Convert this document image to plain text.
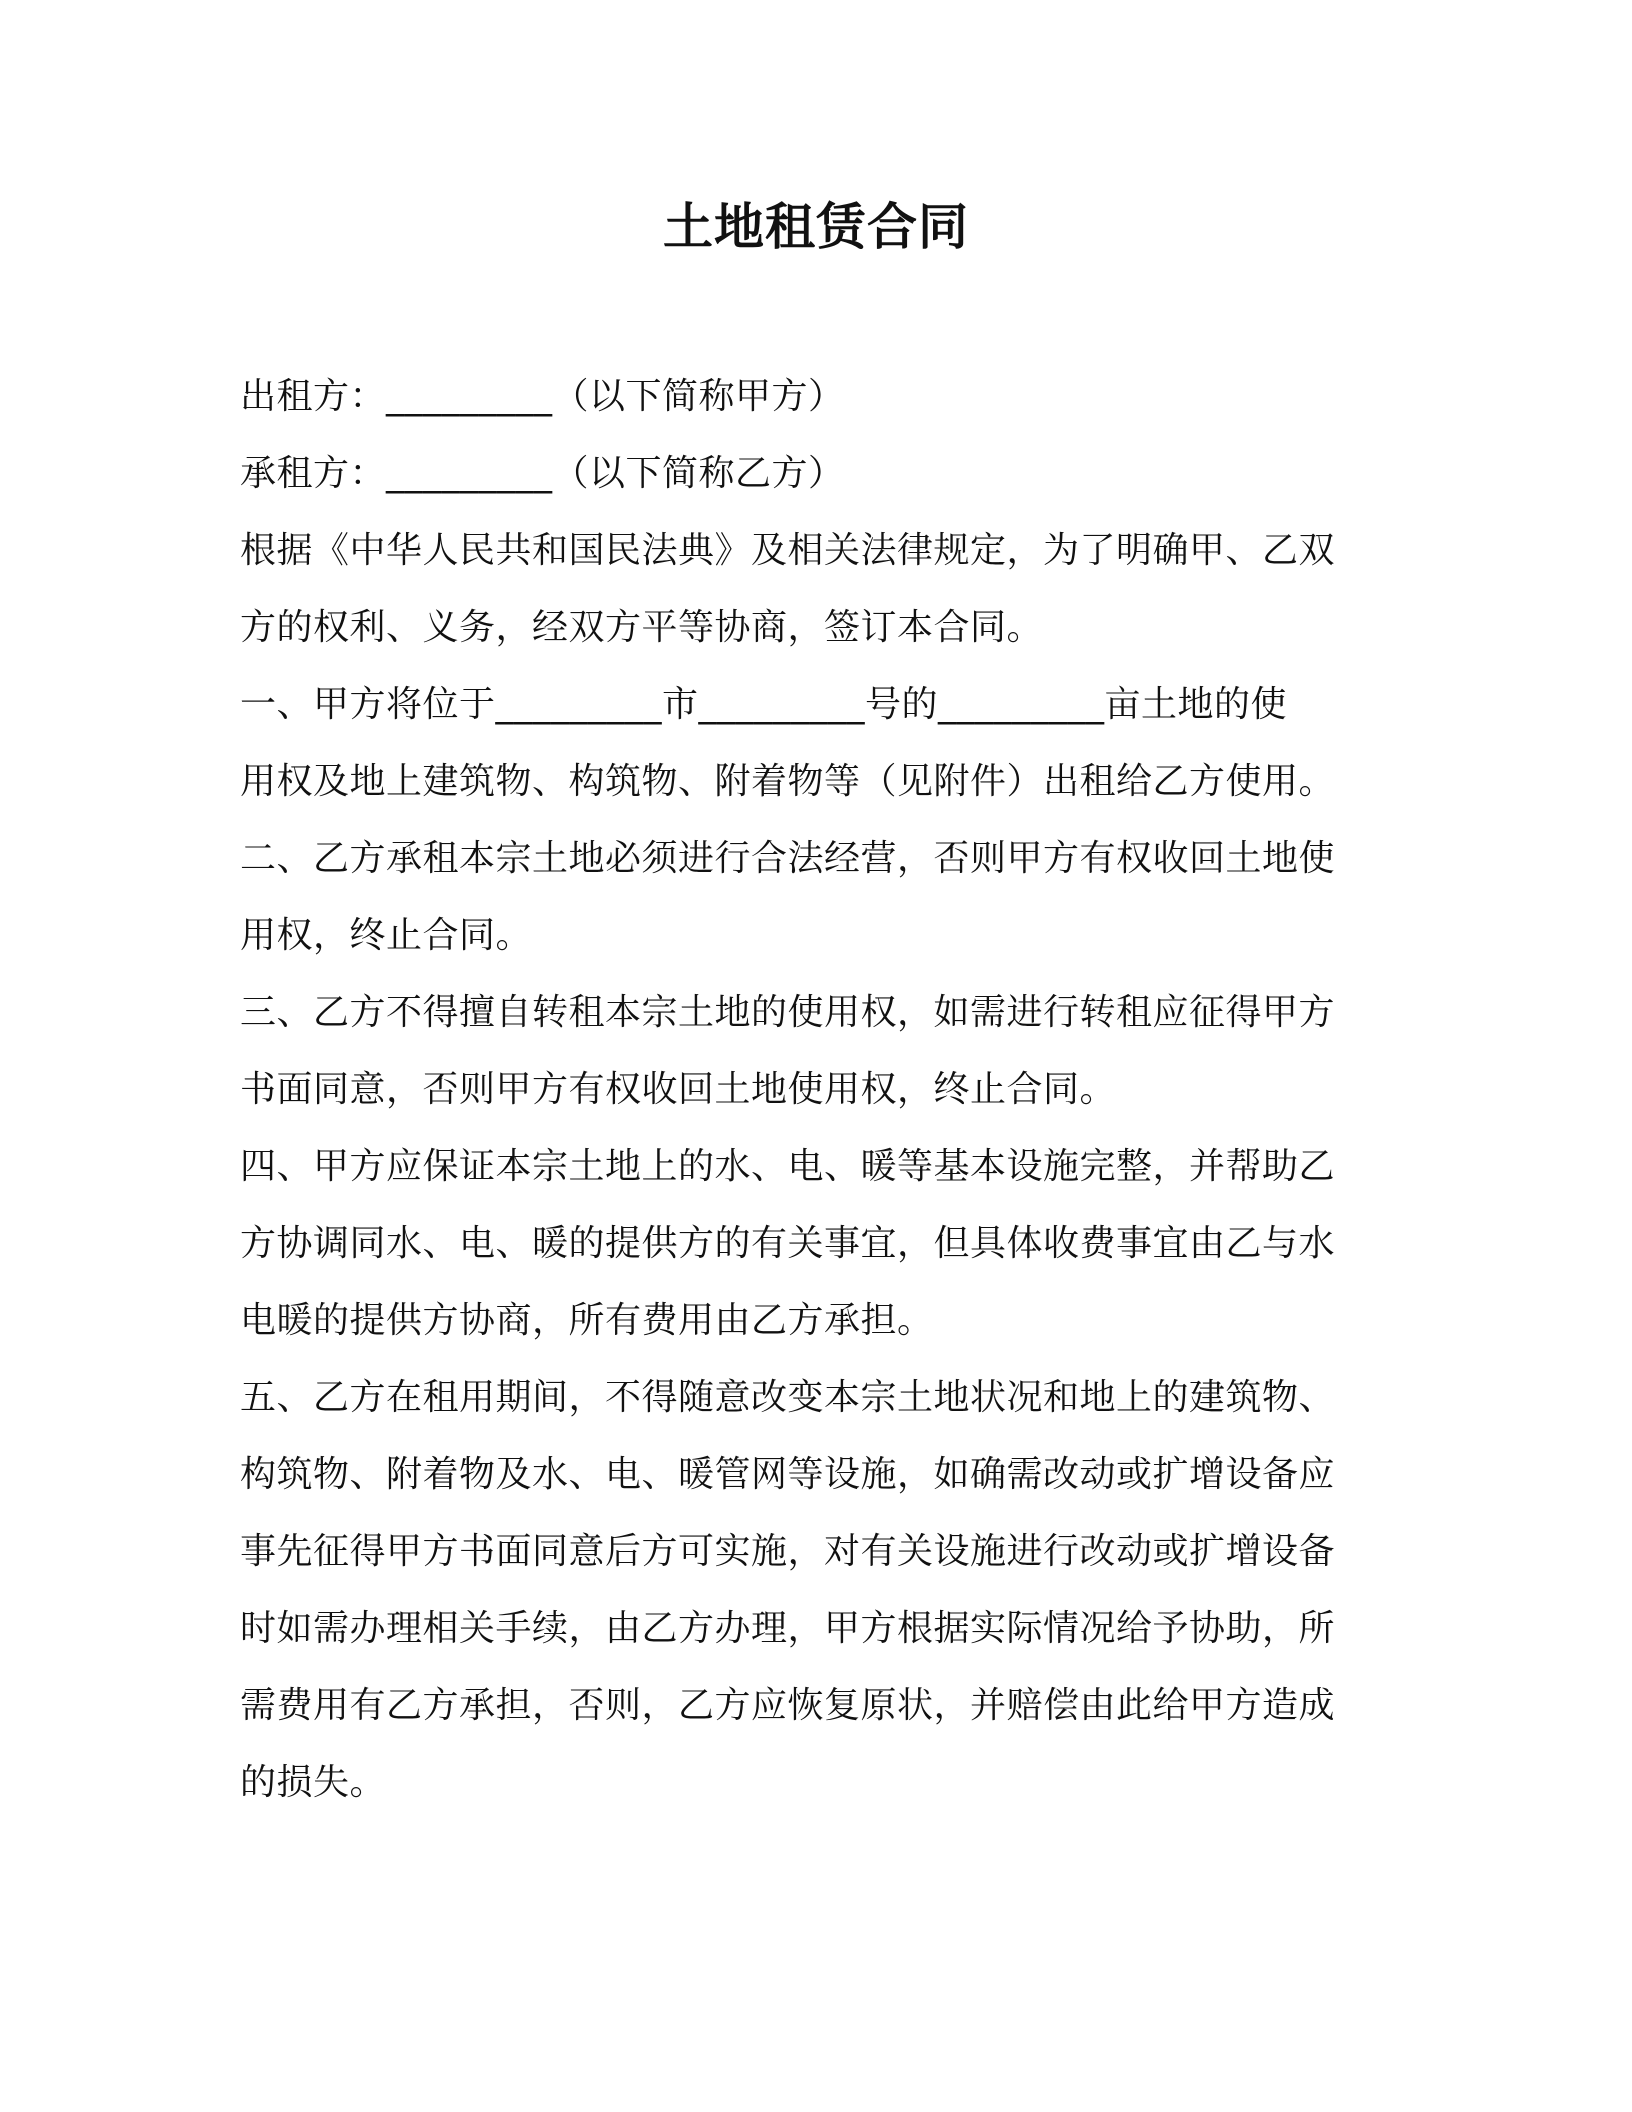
土地租赁合同
出租方：_________（以下简称甲方）
承租方：_________（以下简称乙方）
根据《中华人民共和国民法典》及相关法律规定，为了明确甲、乙双
方的权利、义务，经双方平等协商，签订本合同。
一、甲方将位于_________市_________号的_________亩土地的使
用权及地上建筑物、构筑物、附着物等（见附件）出租给乙方使用。
二、乙方承租本宗土地必须进行合法经营，否则甲方有权收回土地使
用权，终止合同。
三、乙方不得擅自转租本宗土地的使用权，如需进行转租应征得甲方
书面同意，否则甲方有权收回土地使用权，终止合同。
四、甲方应保证本宗土地上的水、电、暖等基本设施完整，并帮助乙
方协调同水、电、暖的提供方的有关事宜，但具体收费事宜由乙与水
电暖的提供方协商，所有费用由乙方承担。
五、乙方在租用期间，不得随意改变本宗土地状况和地上的建筑物、
构筑物、附着物及水、电、暖管网等设施，如确需改动或扩增设备应
事先征得甲方书面同意后方可实施，对有关设施进行改动或扩增设备
时如需办理相关手续，由乙方办理，甲方根据实际情况给予协助，所
需费用有乙方承担，否则，乙方应恢复原状，并赔偿由此给甲方造成
的损失。
